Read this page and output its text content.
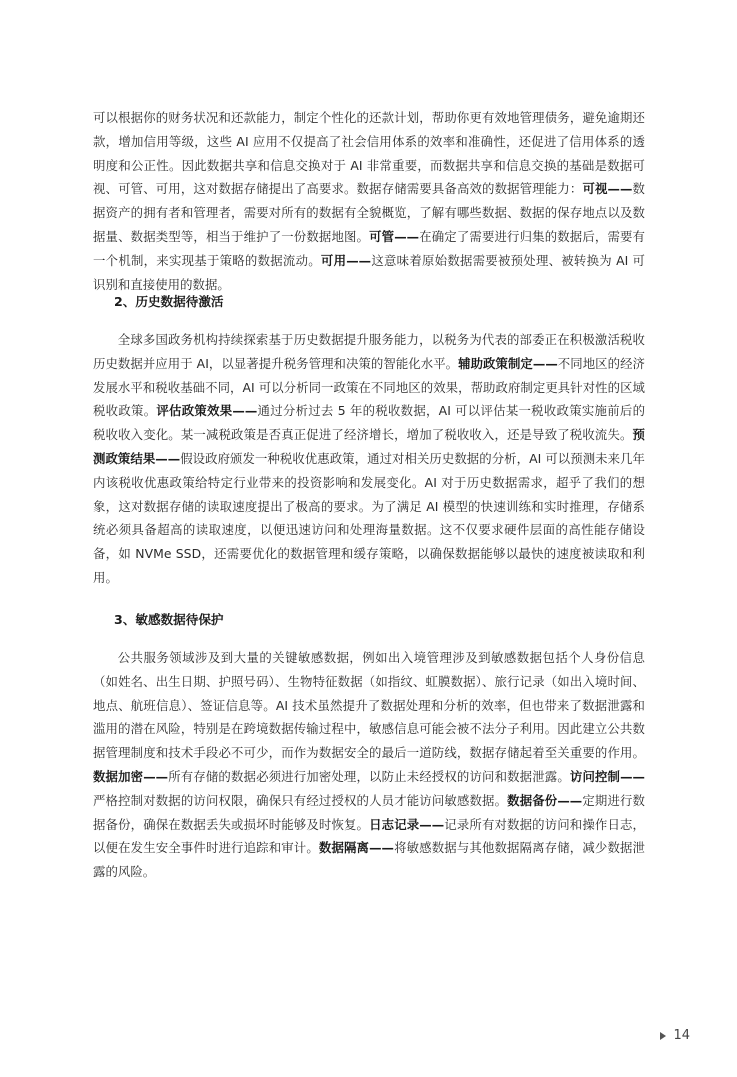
可以根据你的财务状况和还款能力，制定个性化的还款计划，帮助你更有效地管理债务，避免逾期还款，增加信用等级，这些 AI 应用不仅提高了社会信用体系的效率和准确性，还促进了信用体系的透明度和公正性。因此数据共享和信息交换对于 AI 非常重要，而数据共享和信息交换的基础是数据可视、可管、可用，这对数据存储提出了高要求。数据存储需要具备高效的数据管理能力：可视——数据资产的拥有者和管理者，需要对所有的数据有全貌概览，了解有哪些数据、数据的保存地点以及数据量、数据类型等，相当于维护了一份数据地图。可管——在确定了需要进行归集的数据后，需要有一个机制，来实现基于策略的数据流动。可用——这意味着原始数据需要被预处理、被转换为 AI 可识别和直接使用的数据。

2、历史数据待激活

全球多国政务机构持续探索基于历史数据提升服务能力，以税务为代表的部委正在积极激活税收历史数据并应用于 AI，以显著提升税务管理和决策的智能化水平。辅助政策制定——不同地区的经济发展水平和税收基础不同，AI 可以分析同一政策在不同地区的效果，帮助政府制定更具针对性的区域税收政策。评估政策效果——通过分析过去 5 年的税收数据，AI 可以评估某一税收政策实施前后的税收收入变化。某一减税政策是否真正促进了经济增长，增加了税收收入，还是导致了税收流失。预测政策结果——假设政府颁发一种税收优惠政策，通过对相关历史数据的分析，AI 可以预测未来几年内该税收优惠政策给特定行业带来的投资影响和发展变化。AI 对于历史数据需求，超乎了我们的想象，这对数据存储的读取速度提出了极高的要求。为了满足 AI 模型的快速训练和实时推理，存储系统必须具备超高的读取速度，以便迅速访问和处理海量数据。这不仅要求硬件层面的高性能存储设备，如 NVMe SSD，还需要优化的数据管理和缓存策略，以确保数据能够以最快的速度被读取和利用。

3、敏感数据待保护

公共服务领域涉及到大量的关键敏感数据，例如出入境管理涉及到敏感数据包括个人身份信息（如姓名、出生日期、护照号码）、生物特征数据（如指纹、虹膜数据）、旅行记录（如出入境时间、地点、航班信息）、签证信息等。AI 技术虽然提升了数据处理和分析的效率，但也带来了数据泄露和滥用的潜在风险，特别是在跨境数据传输过程中，敏感信息可能会被不法分子利用。因此建立公共数据管理制度和技术手段必不可少，而作为数据安全的最后一道防线，数据存储起着至关重要的作用。数据加密——所有存储的数据必须进行加密处理，以防止未经授权的访问和数据泄露。访问控制——严格控制对数据的访问权限，确保只有经过授权的人员才能访问敏感数据。数据备份——定期进行数据备份，确保在数据丢失或损坏时能够及时恢复。日志记录——记录所有对数据的访问和操作日志，以便在发生安全事件时进行追踪和审计。数据隔离——将敏感数据与其他数据隔离存储，减少数据泄露的风险。

14
